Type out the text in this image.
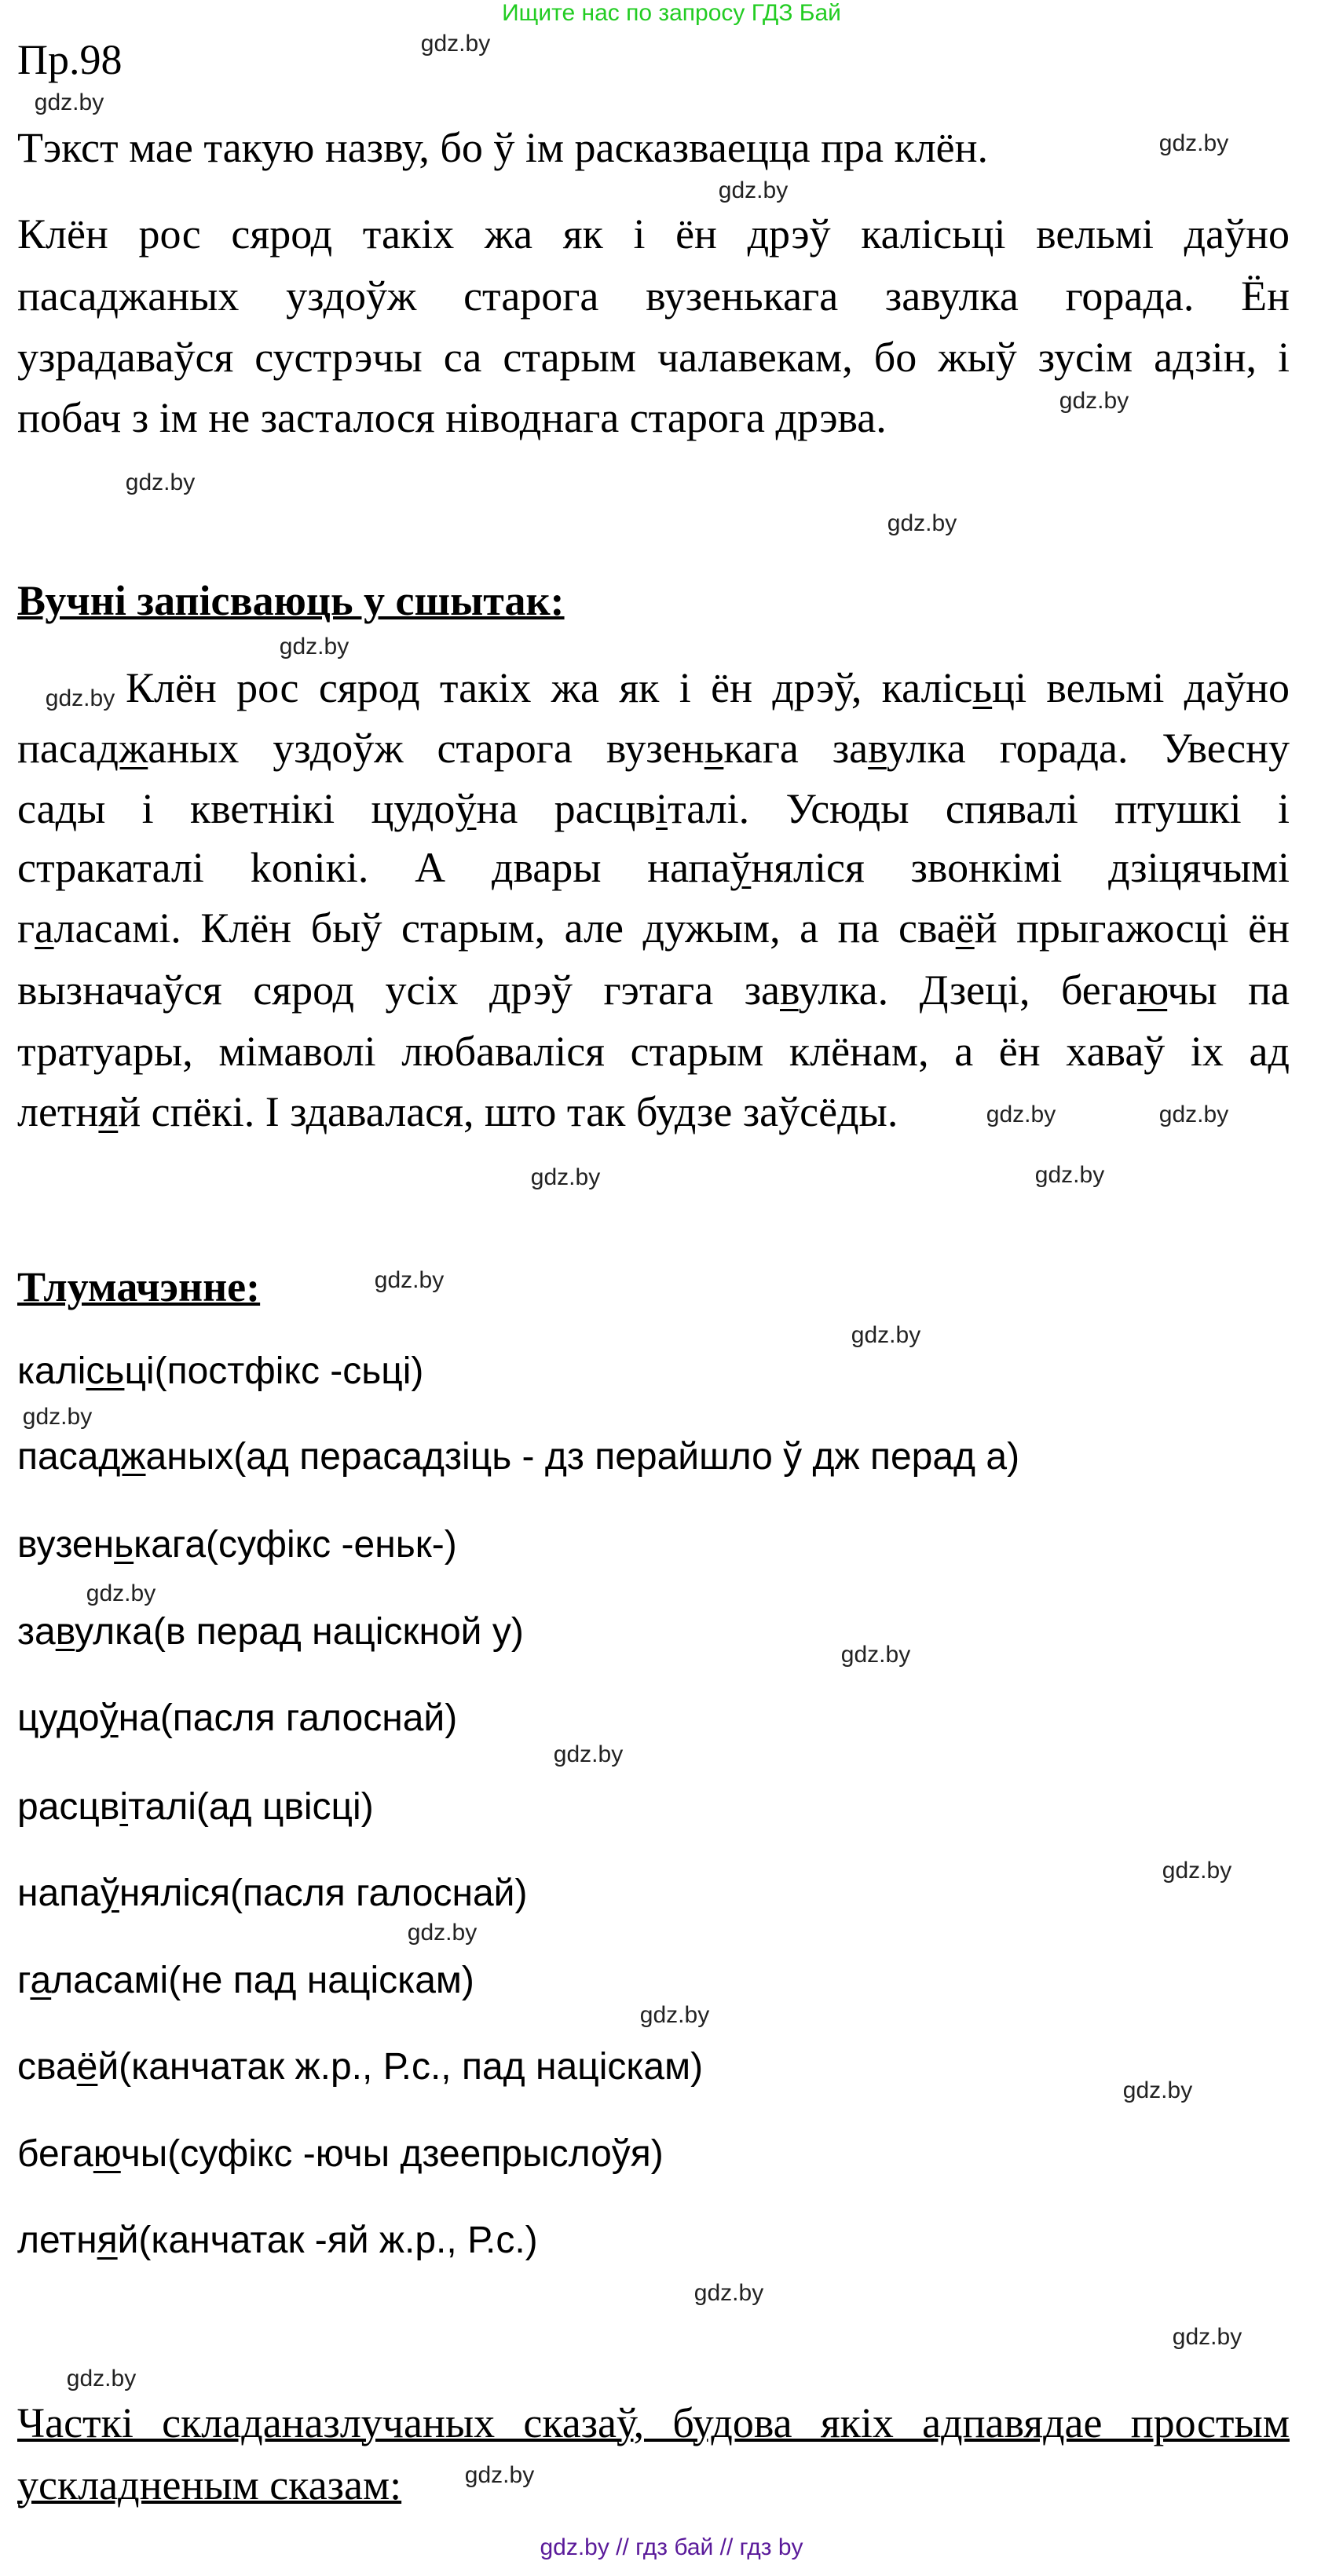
Ищите нас по запросу ГДЗ Бай
Пр.98
Тэкст мае такую назву, бо ў ім расказваецца пра клён.
Клён рос сярод такіх жа як і ён дрэў калісьці вельмі даўно
пасаджаных уздоўж старога вузенькага завулка горада. Ён
узрадаваўся сустрэчы са старым чалавекам, бо жыў зусім адзін, і
побач з ім не засталося ніводнага старога дрэва.
Вучні запісваюць у сшытак:
Клён рос сярод такіх жа як і ён дрэў, калісьці вельмі даўно
пасаджаных уздоўж старога вузенькага завулка горада. Увесну
сады і кветнікі цудоўна расцвіталі. Усюды спявалі птушкі і
стракаталі konікі. А двары напаўняліся звонкімі дзіцячымі
галасамі. Клён быў старым, але дужым, а па сваёй прыгажосці ён
вызначаўся сярод усіх дрэў гэтага завулка. Дзеці, бегаючы па
тратуары, мімаволі любаваліся старым клёнам, а ён хаваў іх ад
летняй спёкі. І здавалася, што так будзе заўсёды.
Тлумачэнне:
калісьці(постфікс -сьці)
пасаджаных(ад перасадзіць - дз перайшло ў дж перад а)
вузенькага(суфікс -еньк-)
завулка(в перад націскной у)
цудоўна(пасля галоснай)
расцвіталі(ад цвісці)
напаўняліся(пасля галоснай)
галасамі(не пад націскам)
сваёй(канчатак ж.р., Р.с., пад націскам)
бегаючы(суфікс -ючы дзеепрыслоўя)
летняй(канчатак -яй ж.р., Р.с.)
Часткі складаназлучаных сказаў, будова якіх адпавядае простым
ускладненым сказам:
gdz.by
gdz.by
gdz.by
gdz.by
gdz.by
gdz.by
gdz.by
gdz.by
gdz.by
gdz.by
gdz.by	gdz.by
gdz.by
gdz.by
gdz.by
gdz.by
gdz.by
gdz.by
gdz.by
gdz.by
gdz.by
gdz.by
gdz.by
gdz.by
gdz.by
gdz.by
gdz.by
gdz.by // гдз бай // гдз by
